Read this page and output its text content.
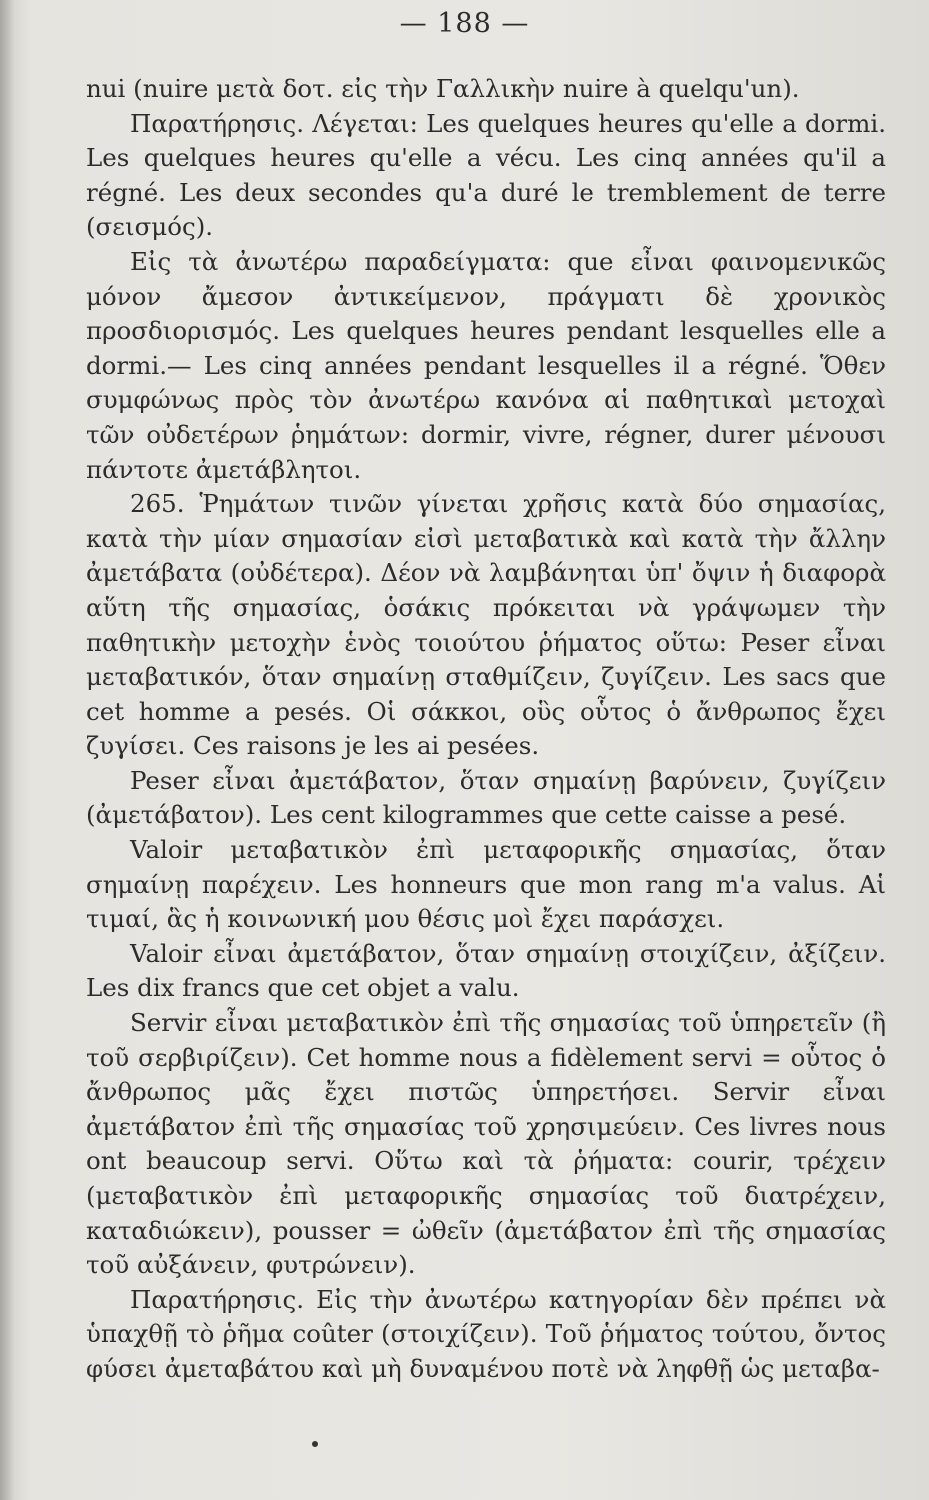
— 188 —

nui (nuire μετὰ δοτ. εἰς τὴν Γαλλικὴν nuire à quelqu'un).

Παρατήρησις. Λέγεται: Les quelques heures qu'elle a dormi. Les quelques heures qu'elle a vécu. Les cinq années qu'il a régné. Les deux secondes qu'a duré le tremblement de terre (σεισμός).

Εἰς τὰ ἀνωτέρω παραδείγματα: que εἶναι φαινομενικῶς μόνον ἄμεσον ἀντικείμενον, πράγματι δὲ χρονικὸς προσδιορισμός. Les quelques heures pendant lesquelles elle a dormi.— Les cinq années pendant lesquelles il a régné. Ὅθεν συμφώνως πρὸς τὸν ἀνωτέρω κανόνα αἱ παθητικαὶ μετοχαὶ τῶν οὐδετέρων ῥημάτων: dormir, vivre, régner, durer μένουσι πάντοτε ἀμετάβλητοι.

265. Ῥημάτων τινῶν γίνεται χρῆσις κατὰ δύο σημασίας, κατὰ τὴν μίαν σημασίαν εἰσὶ μεταβατικὰ καὶ κατὰ τὴν ἄλλην ἀμετάβατα (οὐδέτερα). Δέον νὰ λαμβάνηται ὑπ' ὄψιν ἡ διαφορὰ αὕτη τῆς σημασίας, ὁσάκις πρόκειται νὰ γράψωμεν τὴν παθητικὴν μετοχὴν ἑνὸς τοιούτου ῥήματος οὕτω: Peser εἶναι μεταβατικόν, ὅταν σημαίνῃ σταθμίζειν, ζυγίζειν. Les sacs que cet homme a pesés. Οἱ σάκκοι, οὓς οὗτος ὁ ἄνθρωπος ἔχει ζυγίσει. Ces raisons je les ai pesées.

Peser εἶναι ἀμετάβατον, ὅταν σημαίνῃ βαρύνειν, ζυγίζειν (ἀμετάβατον). Les cent kilogrammes que cette caisse a pesé.

Valoir μεταβατικὸν ἐπὶ μεταφορικῆς σημασίας, ὅταν σημαίνῃ παρέχειν. Les honneurs que mon rang m'a valus. Αἱ τιμαί, ἃς ἡ κοινωνική μου θέσις μοὶ ἔχει παράσχει.

Valoir εἶναι ἀμετάβατον, ὅταν σημαίνῃ στοιχίζειν, ἀξίζειν. Les dix francs que cet objet a valu.

Servir εἶναι μεταβατικὸν ἐπὶ τῆς σημασίας τοῦ ὑπηρετεῖν (ἢ τοῦ σερβιρίζειν). Cet homme nous a fidèlement servi = οὗτος ὁ ἄνθρωπος μᾶς ἔχει πιστῶς ὑπηρετήσει. Servir εἶναι ἀμετάβατον ἐπὶ τῆς σημασίας τοῦ χρησιμεύειν. Ces livres nous ont beaucoup servi. Οὕτω καὶ τὰ ῥήματα: courir, τρέχειν (μεταβατικὸν ἐπὶ μεταφορικῆς σημασίας τοῦ διατρέχειν, καταδιώκειν), pousser = ὠθεῖν (ἀμετάβατον ἐπὶ τῆς σημασίας τοῦ αὐξάνειν, φυτρώνειν).

Παρατήρησις. Εἰς τὴν ἀνωτέρω κατηγορίαν δὲν πρέπει νὰ ὑπαχθῇ τὸ ῥῆμα coûter (στοιχίζειν). Τοῦ ῥήματος τούτου, ὄντος φύσει ἀμεταβάτου καὶ μὴ δυναμένου ποτὲ νὰ ληφθῇ ὡς μεταβα-
